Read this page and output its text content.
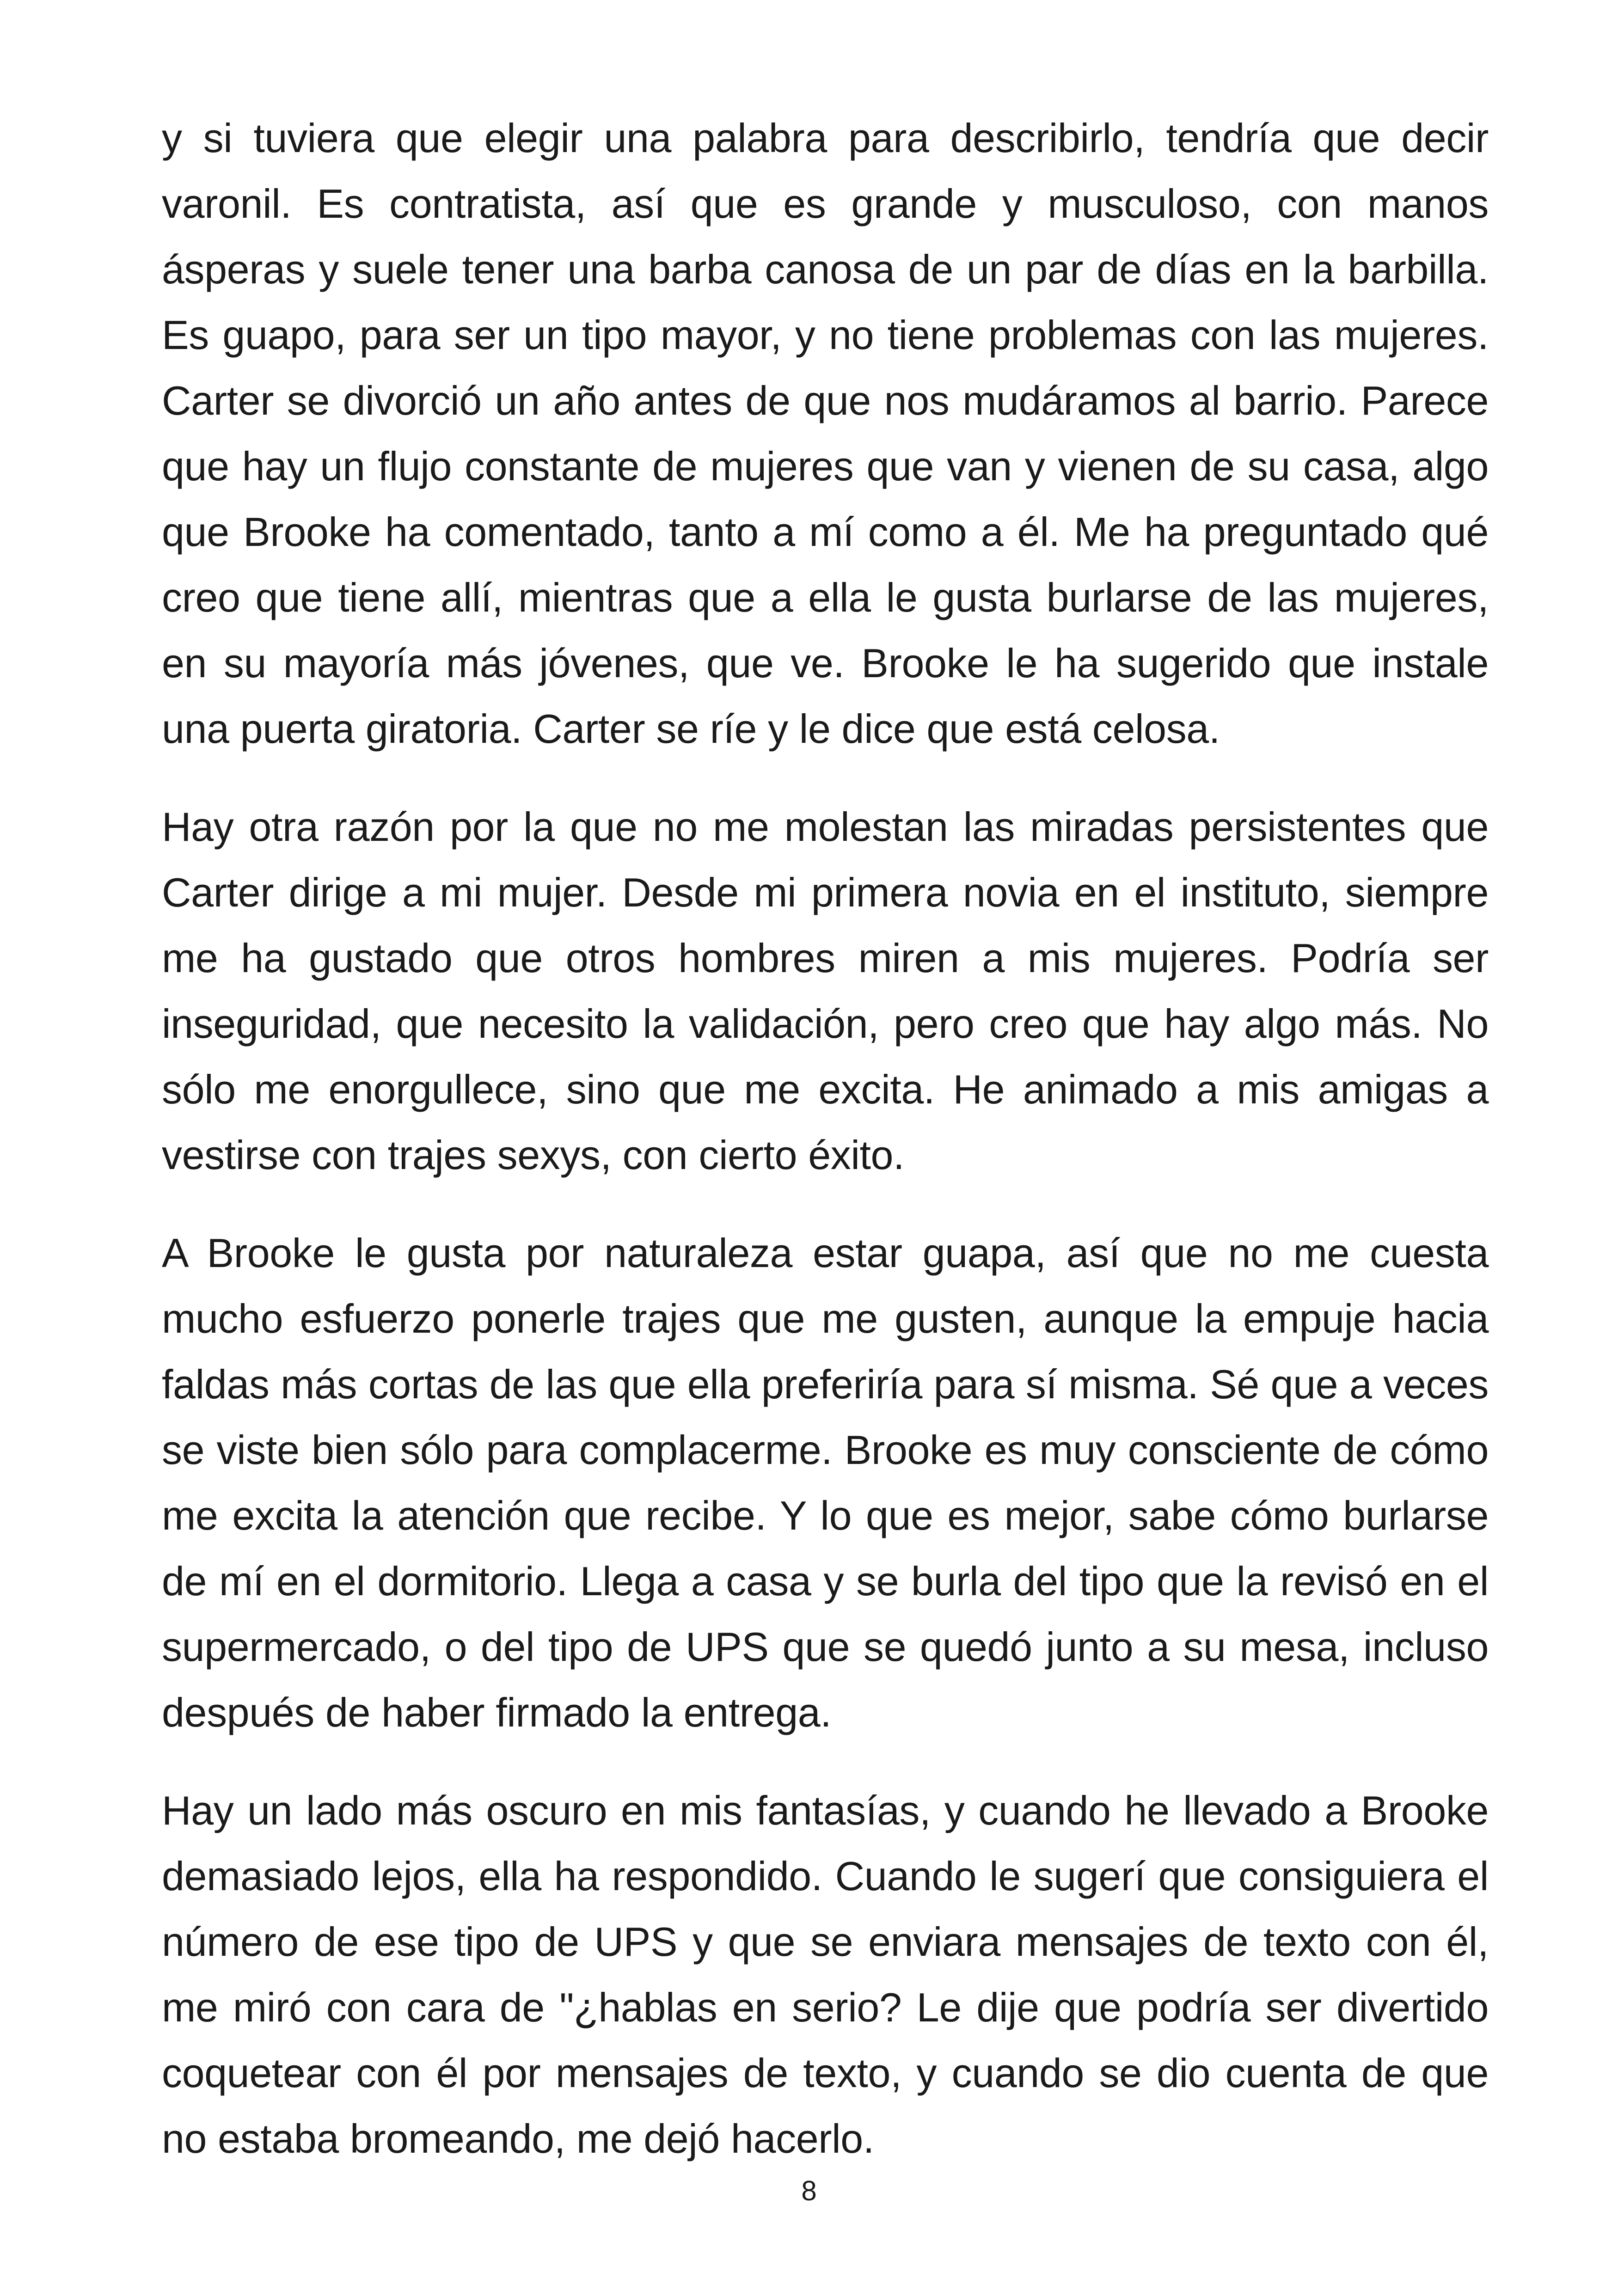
y si tuviera que elegir una palabra para describirlo, tendría que decir varonil. Es contratista, así que es grande y musculoso, con manos ásperas y suele tener una barba canosa de un par de días en la barbilla. Es guapo, para ser un tipo mayor, y no tiene problemas con las mujeres. Carter se divorció un año antes de que nos mudáramos al barrio. Parece que hay un flujo constante de mujeres que van y vienen de su casa, algo que Brooke ha comentado, tanto a mí como a él. Me ha preguntado qué creo que tiene allí, mientras que a ella le gusta burlarse de las mujeres, en su mayoría más jóvenes, que ve. Brooke le ha sugerido que instale una puerta giratoria. Carter se ríe y le dice que está celosa.

Hay otra razón por la que no me molestan las miradas persistentes que Carter dirige a mi mujer. Desde mi primera novia en el instituto, siempre me ha gustado que otros hombres miren a mis mujeres. Podría ser inseguridad, que necesito la validación, pero creo que hay algo más. No sólo me enorgullece, sino que me excita. He animado a mis amigas a vestirse con trajes sexys, con cierto éxito.

A Brooke le gusta por naturaleza estar guapa, así que no me cuesta mucho esfuerzo ponerle trajes que me gusten, aunque la empuje hacia faldas más cortas de las que ella preferiría para sí misma. Sé que a veces se viste bien sólo para complacerme. Brooke es muy consciente de cómo me excita la atención que recibe. Y lo que es mejor, sabe cómo burlarse de mí en el dormitorio. Llega a casa y se burla del tipo que la revisó en el supermercado, o del tipo de UPS que se quedó junto a su mesa, incluso después de haber firmado la entrega.

Hay un lado más oscuro en mis fantasías, y cuando he llevado a Brooke demasiado lejos, ella ha respondido. Cuando le sugerí que consiguiera el número de ese tipo de UPS y que se enviara mensajes de texto con él, me miró con cara de "¿hablas en serio? Le dije que podría ser divertido coquetear con él por mensajes de texto, y cuando se dio cuenta de que no estaba bromeando, me dejó hacerlo.

8
